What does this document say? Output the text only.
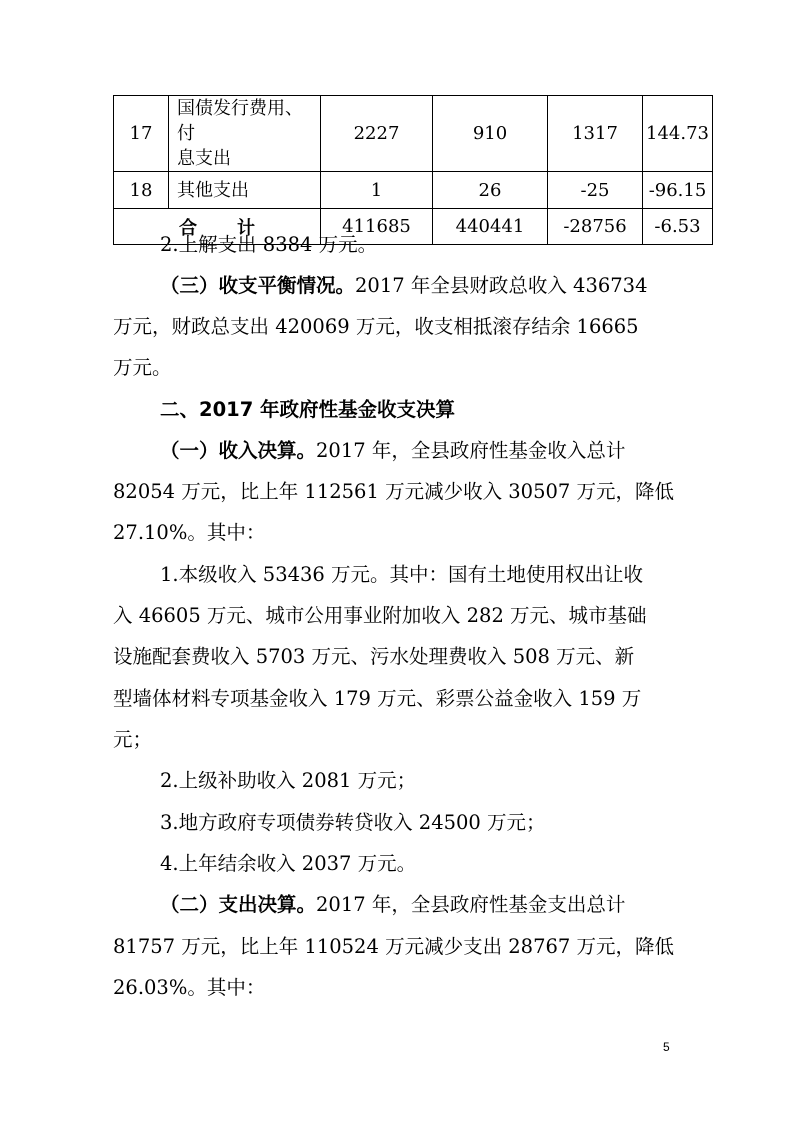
17	国债发行费用、付
息支出	2227	910	1317	144.73
18	其他支出	1	26	-25	-96.15
合计		411685	440441	-28756	-6.53
2.上解支出 8384 万元。
（三）收支平衡情况。2017 年全县财政总收入 436734
万元，财政总支出 420069 万元，收支相抵滚存结余 16665
万元。
二、2017 年政府性基金收支决算
（一）收入决算。2017 年，全县政府性基金收入总计
82054 万元，比上年 112561 万元减少收入 30507 万元，降低
27.10%。其中：
1.本级收入 53436 万元。其中：国有土地使用权出让收
入 46605 万元、城市公用事业附加收入 282 万元、城市基础
设施配套费收入 5703 万元、污水处理费收入 508 万元、新
型墙体材料专项基金收入 179 万元、彩票公益金收入 159 万
元；
2.上级补助收入 2081 万元；
3.地方政府专项债券转贷收入 24500 万元；
4.上年结余收入 2037 万元。
（二）支出决算。2017 年，全县政府性基金支出总计
81757 万元，比上年 110524 万元减少支出 28767 万元，降低
26.03%。其中：
5
